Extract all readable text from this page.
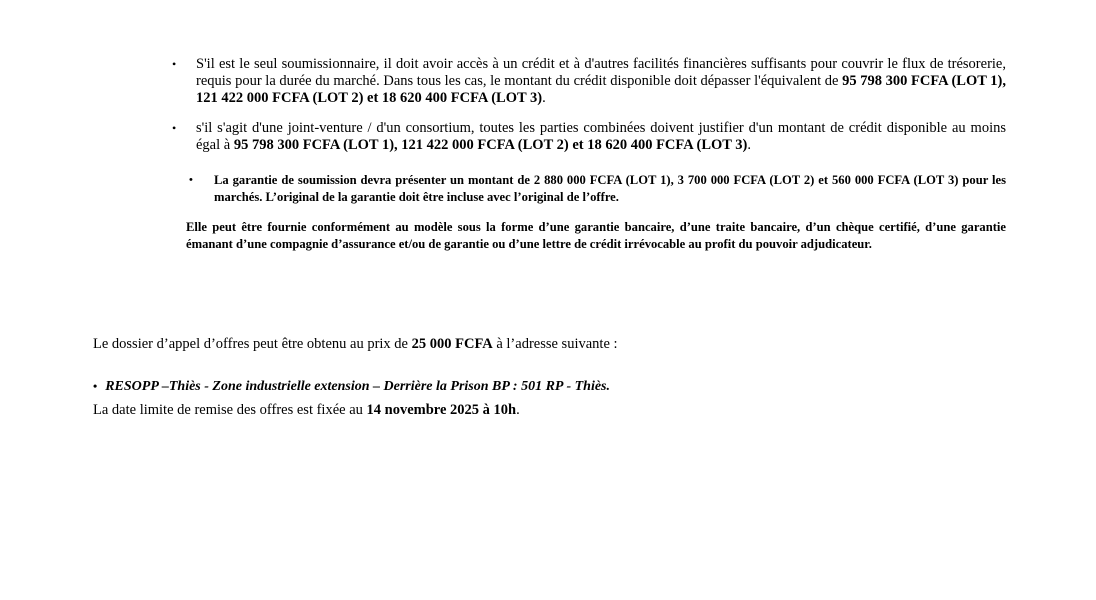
• S'il est le seul soumissionnaire, il doit avoir accès à un crédit et à d'autres facilités financières suffisants pour couvrir le flux de trésorerie, requis pour la durée du marché. Dans tous les cas, le montant du crédit disponible doit dépasser l'équivalent de 95 798 300 FCFA (LOT 1), 121 422 000 FCFA (LOT 2) et 18 620 400 FCFA (LOT 3).
• s'il s'agit d'une joint-venture / d'un consortium, toutes les parties combinées doivent justifier d'un montant de crédit disponible au moins égal à 95 798 300 FCFA (LOT 1), 121 422 000 FCFA (LOT 2) et 18 620 400 FCFA (LOT 3).
• La garantie de soumission devra présenter un montant de 2 880 000 FCFA (LOT 1), 3 700 000 FCFA (LOT 2) et 560 000 FCFA (LOT 3) pour les marchés. L’original de la garantie doit être incluse avec l’original de l’offre.
Elle peut être fournie conformément au modèle sous la forme d’une garantie bancaire, d’une traite bancaire, d’un chèque certifié, d’une garantie émanant d’une compagnie d’assurance et/ou de garantie ou d’une lettre de crédit irrévocable au profit du pouvoir adjudicateur.
Le dossier d’appel d’offres peut être obtenu au prix de 25 000 FCFA à l’adresse suivante :
• RESOPP –Thiès - Zone industrielle extension – Derrière la Prison BP : 501 RP - Thiès.
La date limite de remise des offres est fixée au 14 novembre 2025 à 10h.
